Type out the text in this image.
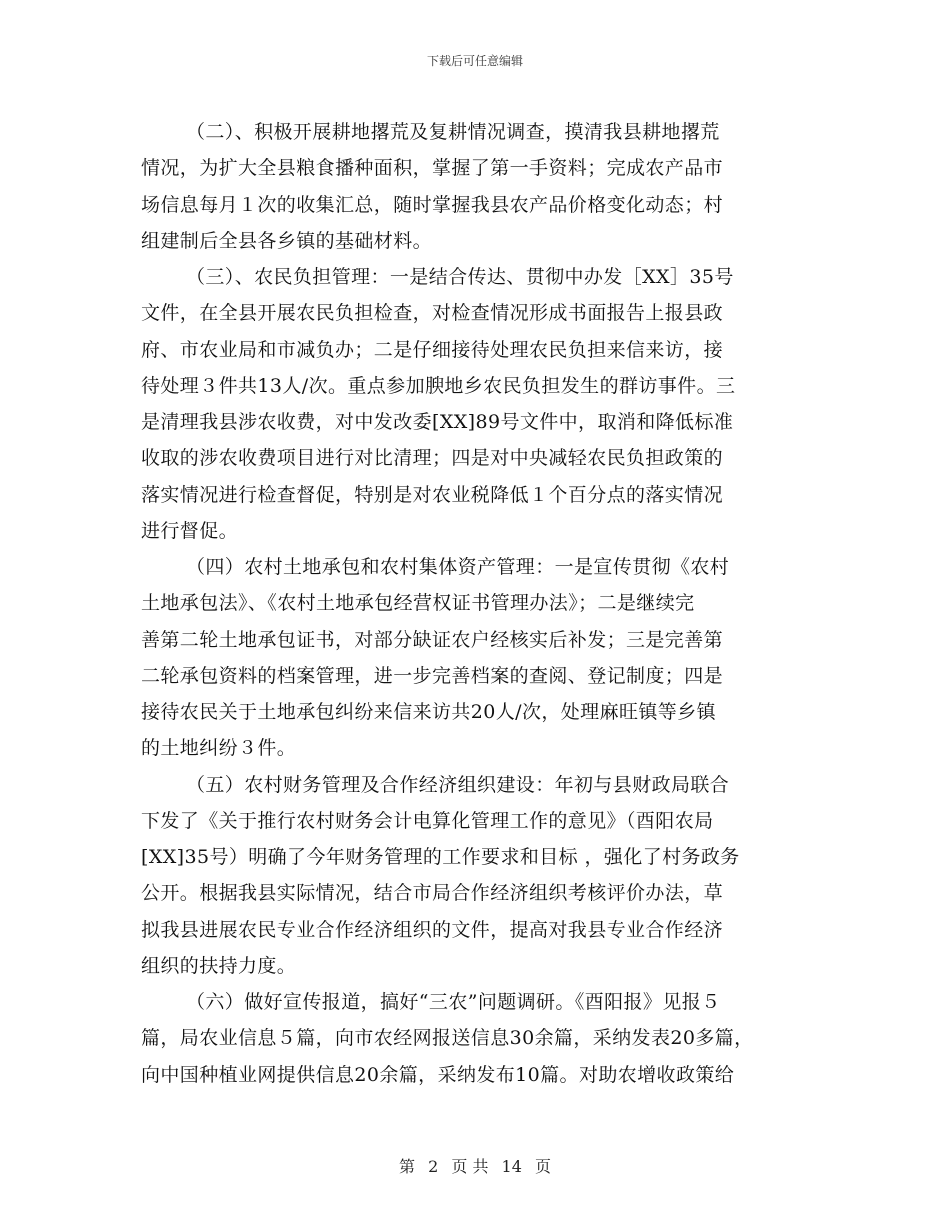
下载后可任意编辑
（二）、积极开展耕地撂荒及复耕情况调查，摸清我县耕地撂荒
情况，为扩大全县粮食播种面积，掌握了第一手资料；完成农产品市
场信息每月１次的收集汇总，随时掌握我县农产品价格变化动态；村
组建制后全县各乡镇的基础材料。
（三）、农民负担管理：一是结合传达、贯彻中办发［XX］35号
文件，在全县开展农民负担检查，对检查情况形成书面报告上报县政
府、市农业局和市减负办；二是仔细接待处理农民负担来信来访，接
待处理３件共13人/次。重点参加腴地乡农民负担发生的群访事件。三
是清理我县涉农收费，对中发改委[XX]89号文件中，取消和降低标准
收取的涉农收费项目进行对比清理；四是对中央减轻农民负担政策的
落实情况进行检查督促，特别是对农业税降低１个百分点的落实情况
进行督促。
（四）农村土地承包和农村集体资产管理：一是宣传贯彻《农村
土地承包法》、《农村土地承包经营权证书管理办法》；二是继续完
善第二轮土地承包证书，对部分缺证农户经核实后补发；三是完善第
二轮承包资料的档案管理，进一步完善档案的查阅、登记制度；四是
接待农民关于土地承包纠纷来信来访共20人/次，处理麻旺镇等乡镇
的土地纠纷３件。
（五）农村财务管理及合作经济组织建设：年初与县财政局联合
下发了《关于推行农村财务会计电算化管理工作的意见》（酉阳农局
[XX]35号）明确了今年财务管理的工作要求和目标 ，强化了村务政务
公开。根据我县实际情况，结合市局合作经济组织考核评价办法，草
拟我县进展农民专业合作经济组织的文件，提高对我县专业合作经济
组织的扶持力度。
（六）做好宣传报道，搞好“三农”问题调研。《酉阳报》见报５
篇，局农业信息５篇，向市农经网报送信息30余篇，采纳发表20多篇，
向中国种植业网提供信息20余篇，采纳发布10篇。对助农增收政策给
第 2 页 共 14 页
